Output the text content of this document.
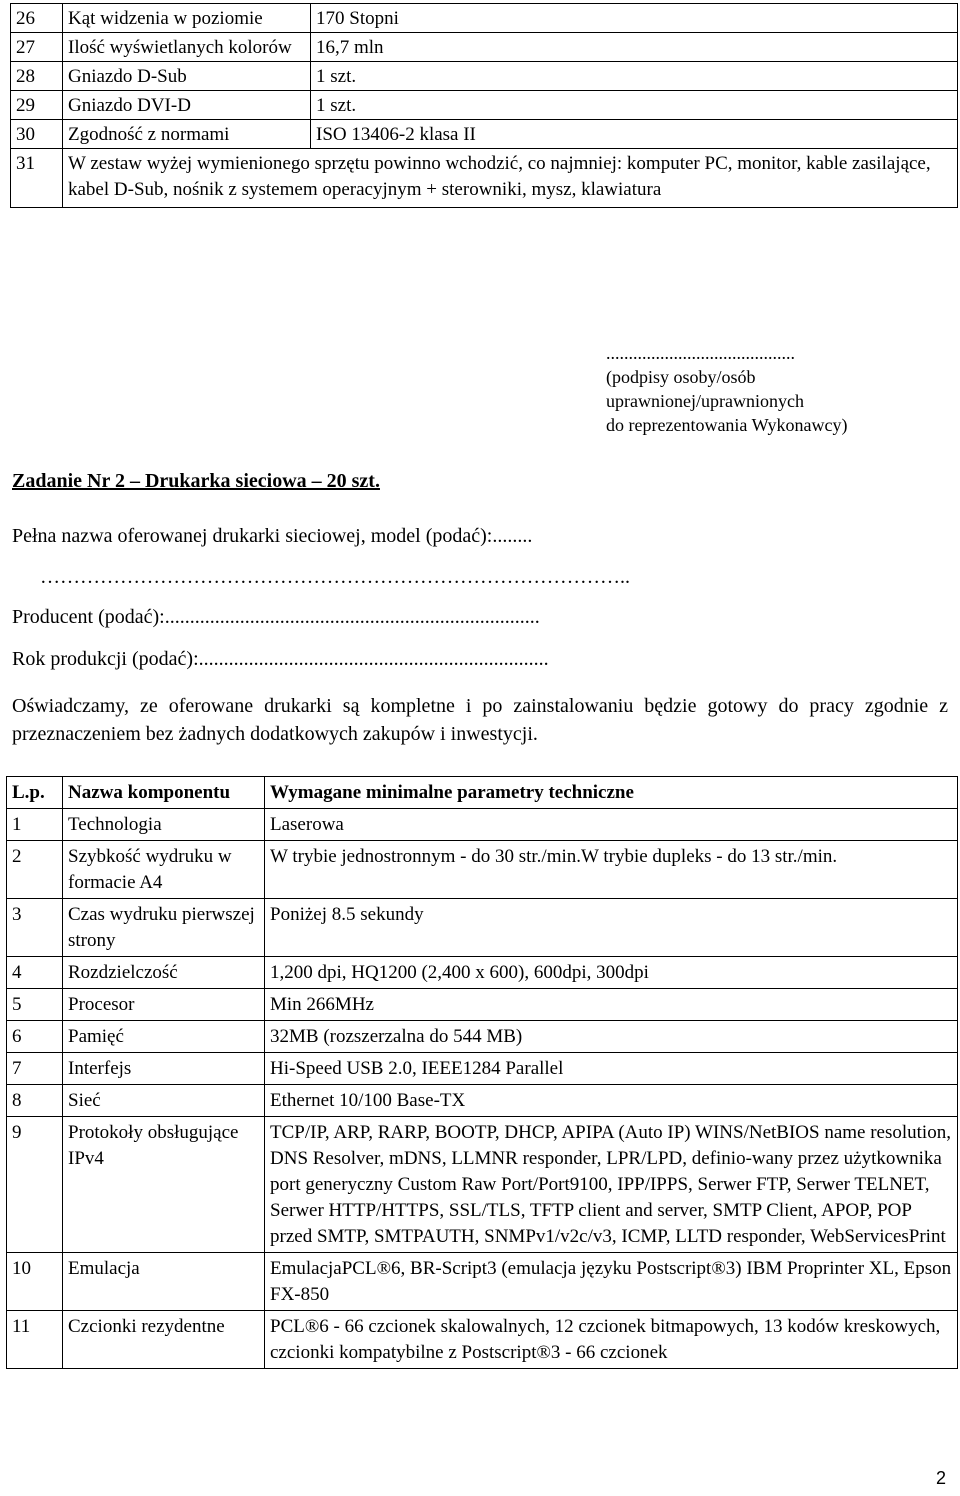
26	Kąt widzenia w poziomie	170 Stopni
27	Ilość wyświetlanych kolorów	16,7 mln
28	Gniazdo D-Sub	1 szt.
29	Gniazdo DVI-D	1 szt.
30	Zgodność z normami	ISO 13406-2 klasa II
31	W zestaw wyżej wymienionego sprzętu powinno wchodzić, co najmniej: komputer PC, monitor, kable zasilające, kabel D-Sub, nośnik z systemem operacyjnym + sterowniki, mysz, klawiatura	
..........................................
(podpisy osoby/osób uprawnionej/uprawnionych
do reprezentowania Wykonawcy)
Zadanie Nr 2 – Drukarka sieciowa – 20 szt.
Pełna nazwa oferowanej drukarki sieciowej, model (podać):........
……………………………………………………………………………..
Producent (podać):...........................................................................
Rok produkcji (podać):......................................................................
Oświadczamy, ze oferowane drukarki są kompletne i po zainstalowaniu będzie gotowy do pracy zgodnie z przeznaczeniem bez żadnych dodatkowych zakupów i inwestycji.
L.p.	Nazwa komponentu	Wymagane minimalne parametry techniczne
1	Technologia	Laserowa
2	Szybkość wydruku w formacie A4	W trybie jednostronnym - do 30 str./min.W trybie dupleks - do 13 str./min.
3	Czas wydruku pierwszej strony	Poniżej 8.5 sekundy
4	Rozdzielczość	1,200 dpi, HQ1200 (2,400 x 600), 600dpi, 300dpi
5	Procesor	Min 266MHz
6	Pamięć	32MB (rozszerzalna do 544 MB)
7	Interfejs	Hi-Speed USB 2.0, IEEE1284 Parallel
8	Sieć	Ethernet 10/100 Base-TX
9	Protokoły obsługujące IPv4	TCP/IP, ARP, RARP, BOOTP, DHCP, APIPA (Auto IP) WINS/NetBIOS name resolution, DNS Resolver, mDNS, LLMNR responder, LPR/LPD, definio-wany przez użytkownika port generyczny Custom Raw Port/Port9100, IPP/IPPS, Serwer FTP, Serwer TELNET, Serwer HTTP/HTTPS, SSL/TLS, TFTP client and server, SMTP Client, APOP, POP przed SMTP, SMTPAUTH, SNMPv1/v2c/v3, ICMP, LLTD responder, WebServicesPrint
10	Emulacja	EmulacjaPCL®6, BR-Script3 (emulacja języku Postscript®3) IBM Proprinter XL, Epson FX-850
11	Czcionki rezydentne	PCL®6 - 66 czcionek skalowalnych, 12 czcionek bitmapowych, 13 kodów kreskowych, czcionki kompatybilne z Postscript®3 - 66 czcionek
2
